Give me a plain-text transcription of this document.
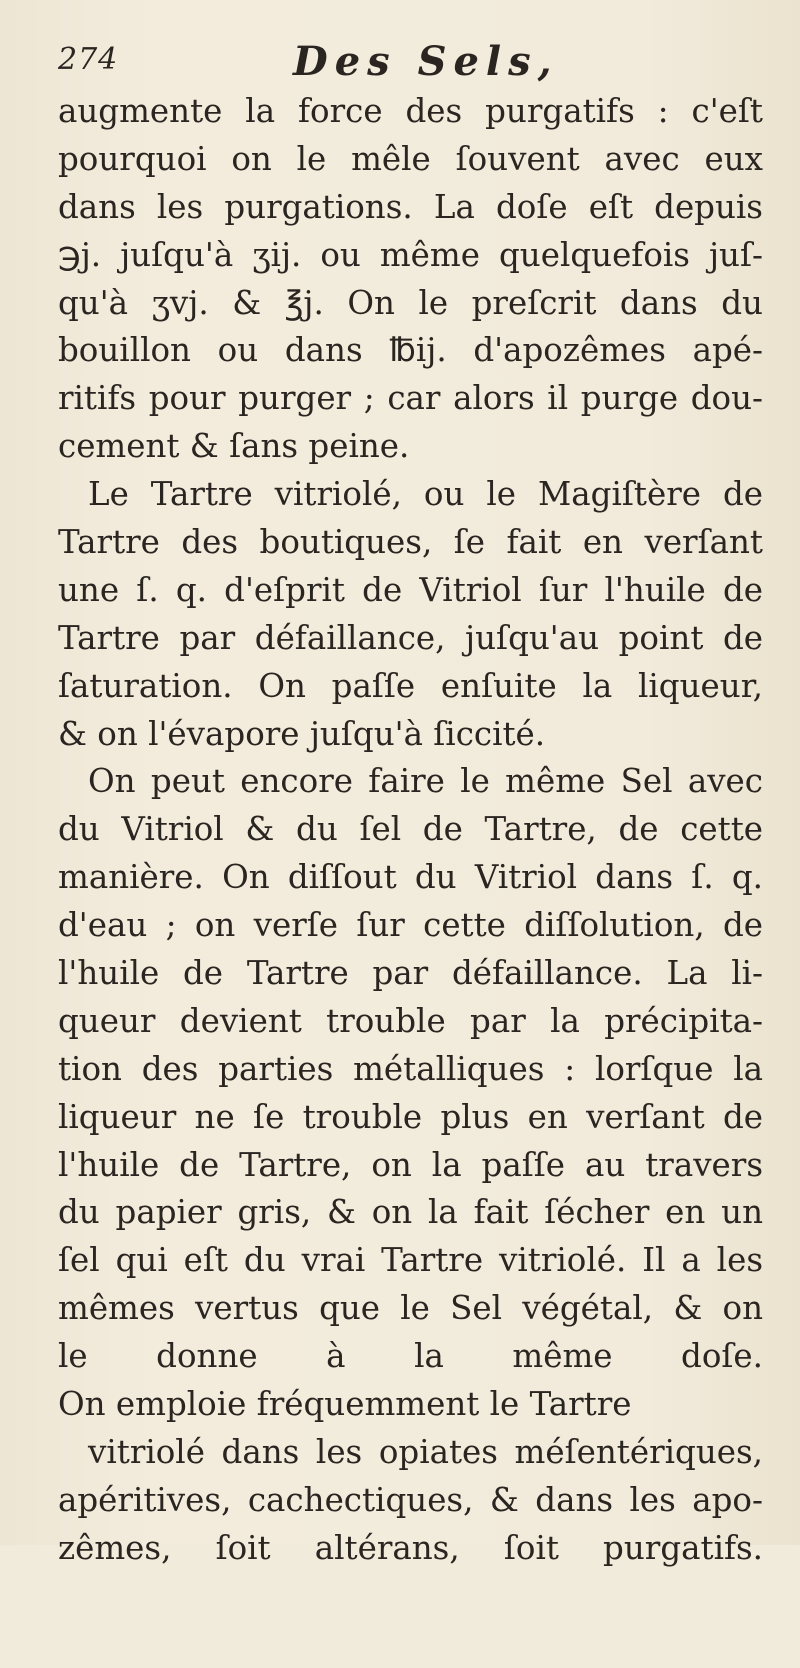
274	Des Sels,
augmente la force des purgatifs : c'eſt
pourquoi on le mêle ſouvent avec eux
dans les purgations. La doſe eſt depuis
℈j. juſqu'à ʒij. ou même quelquefois juſ-
qu'à ʒvj. & ℥j. On le preſcrit dans du
bouillon ou dans ℔ij. d'apozêmes apé-
ritifs pour purger ; car alors il purge dou-
cement & ſans peine.
Le Tartre vitriolé, ou le Magiſtère de
Tartre des boutiques, ſe fait en verſant
une ſ. q. d'eſprit de Vitriol ſur l'huile de
Tartre par défaillance, juſqu'au point de
ſaturation. On paſſe enſuite la liqueur,
& on l'évapore juſqu'à ſiccité.
On peut encore faire le même Sel avec
du Vitriol & du ſel de Tartre, de cette
manière. On diſſout du Vitriol dans ſ. q.
d'eau ; on verſe ſur cette diſſolution, de
l'huile de Tartre par défaillance. La li-
queur devient trouble par la précipita-
tion des parties métalliques : lorſque la
liqueur ne ſe trouble plus en verſant de
l'huile de Tartre, on la paſſe au travers
du papier gris, & on la fait ſécher en un
ſel qui eſt du vrai Tartre vitriolé. Il a les
mêmes vertus que le Sel végétal, & on
le donne à la même doſe.
On emploie fréquemment le Tartre
vitriolé dans les opiates méſentériques,
apéritives, cachectiques, & dans les apo-
zêmes, ſoit altérans, ſoit purgatifs.
